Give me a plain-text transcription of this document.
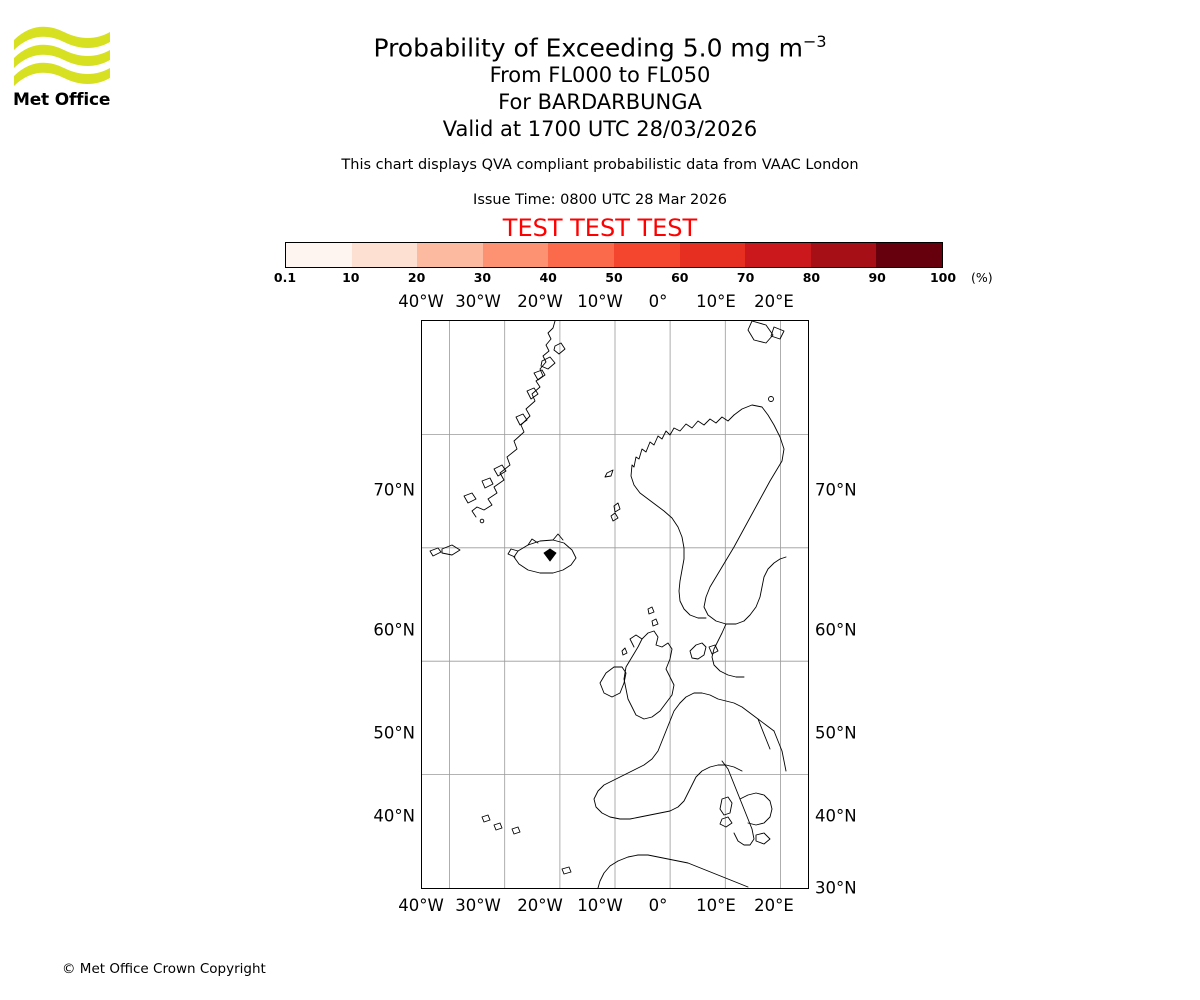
Met Office
Probability of Exceeding 5.0 mg $m^{-3}$
From FL000 to FL050
For BARDARBUNGA
Valid at 1700 UTC 28/03/2026
This chart displays QVA compliant probabilistic data from VAAC London
Issue Time: 0800 UTC 28 Mar 2026
TEST TEST TEST
0.1	10	20	30	40	50	60	70	80	90	100 (%)
40°W 30°W 20°W 10°W 0° 10°E 20°E
40°W 30°W 20°W 10°W 0° 10°E 20°E
70°N
60°N
50°N
40°N
70°N
60°N
50°N
40°N
30°N
© Met Office Crown Copyright
